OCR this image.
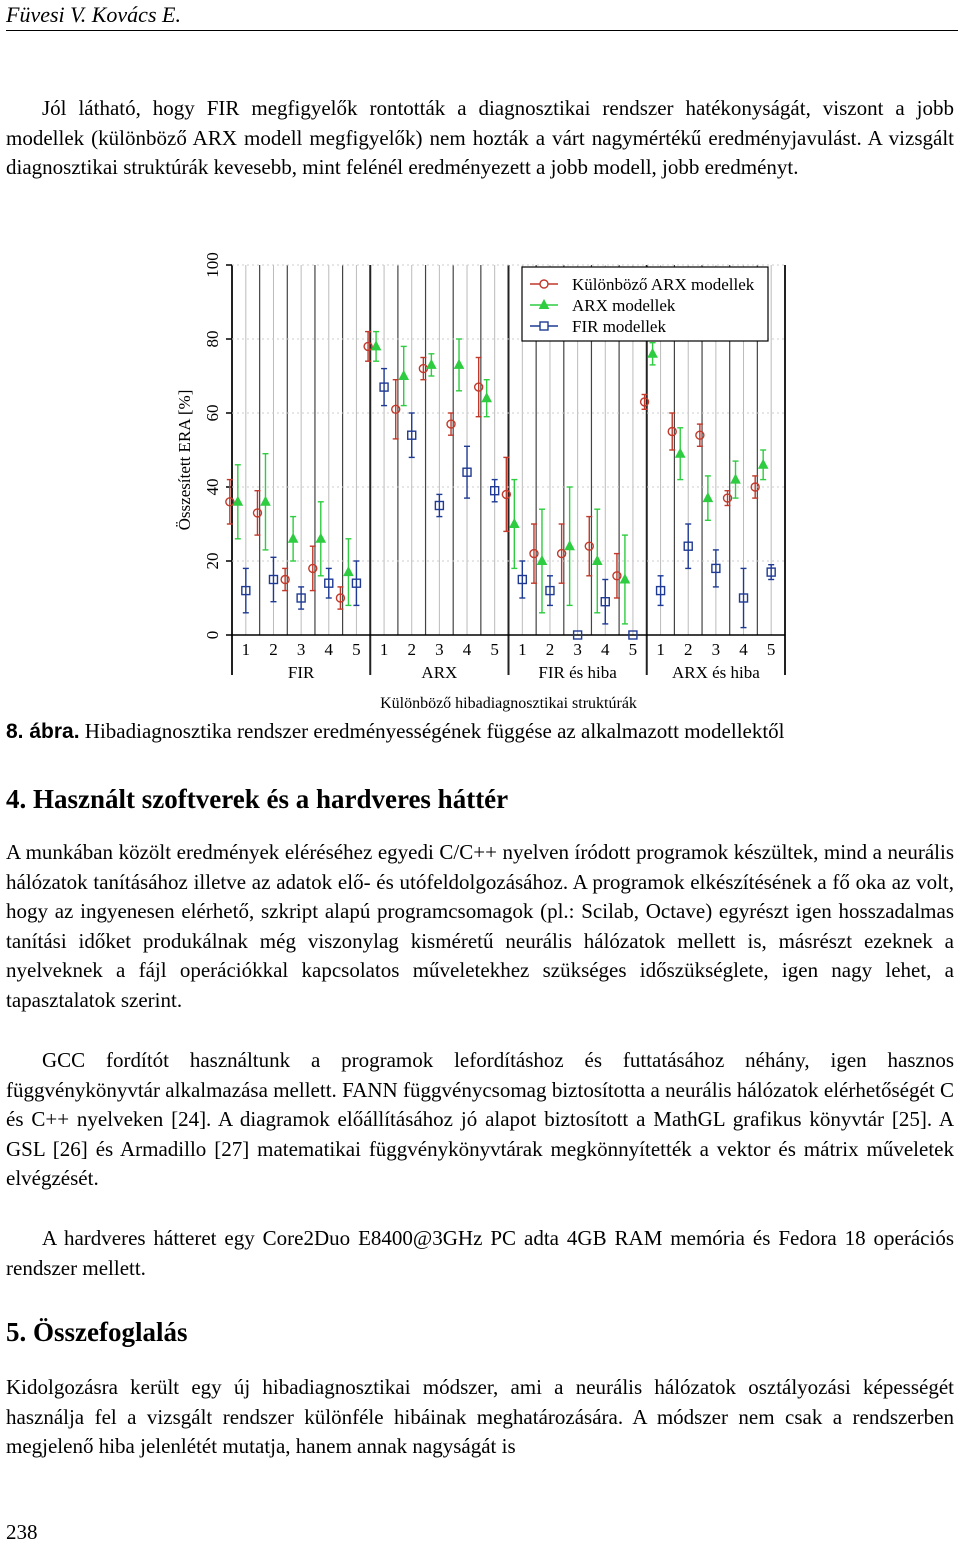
Füvesi V. Kovács E.

Jól látható, hogy FIR megfigyelők rontották a diagnosztikai rendszer hatékonyságát, viszont a jobb modellek (különböző ARX modell megfigyelők) nem hozták a várt nagymértékű eredményjavulást. A vizsgált diagnosztikai struktúrák kevesebb, mint felénél eredményezett a jobb modell, jobb eredményt.

0
20
40
60
80
100
Összesített ERA [%]
1 2 3 4 5 1 2 3 4 5 1 2 3 4 5 1 2 3 4 5
FIR	ARX	FIR és hiba	ARX és hiba
Különböző hibadiagnosztikai struktúrák
Különböző ARX modellek
ARX modellek
FIR modellek
8. ábra. Hibadiagnosztika rendszer eredményességének függése az alkalmazott modellektől
4. Használt szoftverek és a hardveres háttér

A munkában közölt eredmények eléréséhez egyedi C/C++ nyelven íródott programok készültek, mind a neurális hálózatok tanításához illetve az adatok elő- és utófeldolgozásához. A programok elkészítésének a fő oka az volt, hogy az ingyenesen elérhető, szkript alapú programcsomagok (pl.: Scilab, Octave) egyrészt igen hosszadalmas tanítási időket produkálnak még viszonylag kisméretű neurális hálózatok mellett is, másrészt ezeknek a nyelveknek a fájl operációkkal kapcsolatos műveletekhez szükséges időszükséglete, igen nagy lehet, a tapasztalatok szerint.

GCC fordítót használtunk a programok lefordításhoz és futtatásához néhány, igen hasznos függvénykönyvtár alkalmazása mellett. FANN függvénycsomag biztosította a neurális hálózatok elérhetőségét C és C++ nyelveken [24]. A diagramok előállításához jó alapot biztosított a MathGL grafikus könyvtár [25]. A GSL [26] és Armadillo [27] matematikai függvénykönyvtárak megkönnyítették a vektor és mátrix műveletek elvégzését.

A hardveres hátteret egy Core2Duo E8400@3GHz PC adta 4GB RAM memória és Fedora 18 operációs rendszer mellett.

5. Összefoglalás

Kidolgozásra került egy új hibadiagnosztikai módszer, ami a neurális hálózatok osztályozási képességét használja fel a vizsgált rendszer különféle hibáinak meghatározására. A módszer nem csak a rendszerben megjelenő hiba jelenlétét mutatja, hanem annak nagyságát is

238
